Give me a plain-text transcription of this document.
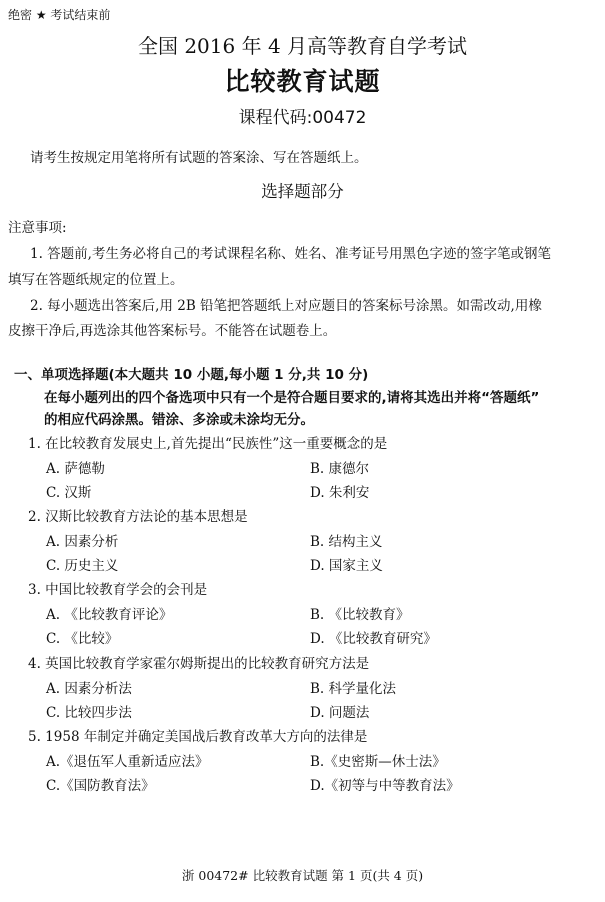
绝密 ★ 考试结束前
全国 2016 年 4 月高等教育自学考试
比较教育试题
课程代码:00472
请考生按规定用笔将所有试题的答案涂、写在答题纸上。
选择题部分
注意事项:
1. 答题前,考生务必将自己的考试课程名称、姓名、准考证号用黑色字迹的签字笔或钢笔
填写在答题纸规定的位置上。
2. 每小题选出答案后,用 2B 铅笔把答题纸上对应题目的答案标号涂黑。如需改动,用橡
皮擦干净后,再选涂其他答案标号。不能答在试题卷上。
一、单项选择题(本大题共 10 小题,每小题 1 分,共 10 分)
在每小题列出的四个备选项中只有一个是符合题目要求的,请将其选出并将“答题纸”
的相应代码涂黑。错涂、多涂或未涂均无分。
1. 在比较教育发展史上,首先提出“民族性”这一重要概念的是
A. 萨德勒	B. 康德尔
C. 汉斯	D. 朱利安
2. 汉斯比较教育方法论的基本思想是
A. 因素分析	B. 结构主义
C. 历史主义	D. 国家主义
3. 中国比较教育学会的会刊是
A. 《比较教育评论》	B. 《比较教育》
C. 《比较》	D. 《比较教育研究》
4. 英国比较教育学家霍尔姆斯提出的比较教育研究方法是
A. 因素分析法	B. 科学量化法
C. 比较四步法	D. 问题法
5. 1958 年制定并确定美国战后教育改革大方向的法律是
A.《退伍军人重新适应法》	B.《史密斯—休士法》
C.《国防教育法》	D.《初等与中等教育法》
浙 00472# 比较教育试题 第 1 页(共 4 页)
